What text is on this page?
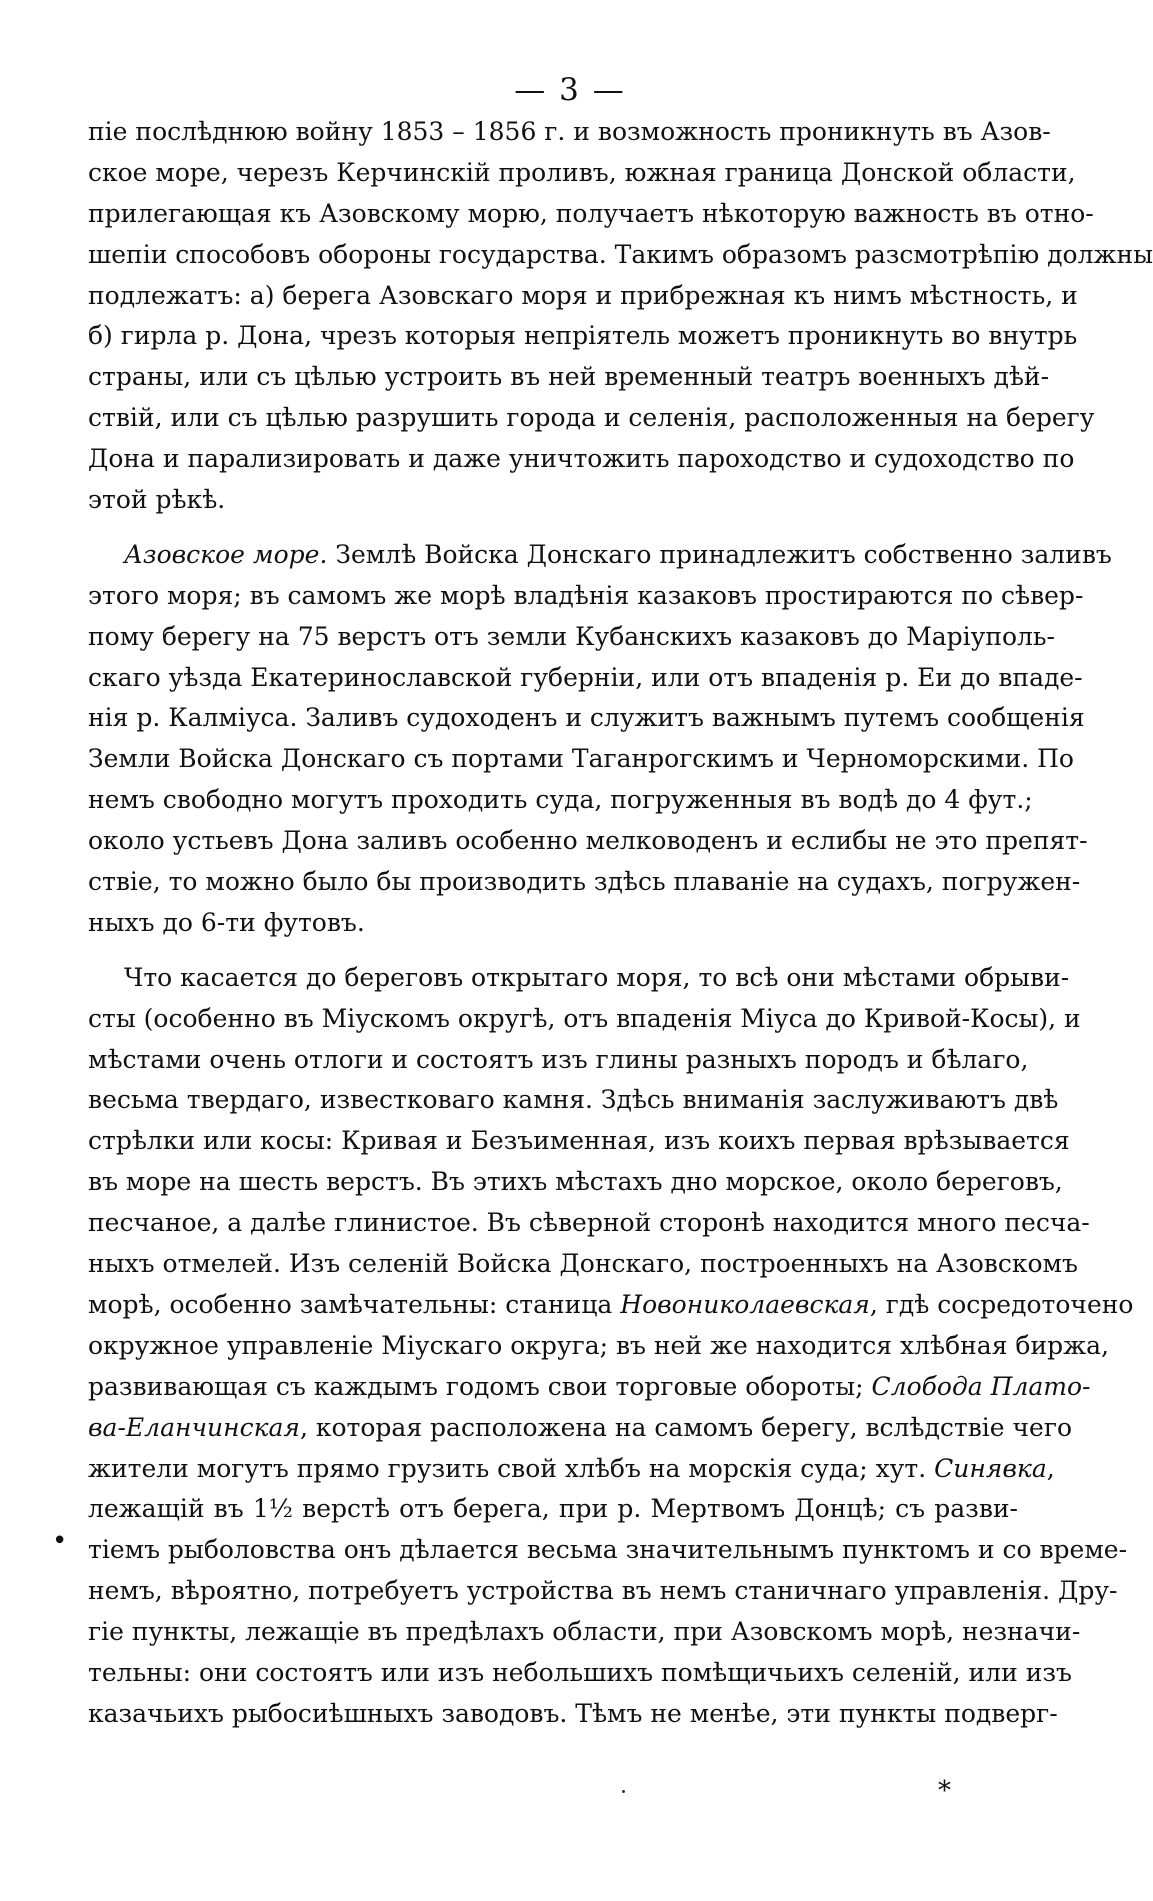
— 3 —
піе послѣднюю войну 1853 – 1856 г. и возможность проникнуть въ Азов-
ское море, черезъ Керчинскій проливъ, южная граница Донской области,
прилегающая къ Азовскому морю, получаетъ нѣкоторую важность въ отно-
шепіи способовъ обороны государства. Такимъ образомъ разсмотрѣпію должны
подлежатъ: а) берега Азовскаго моря и прибрежная къ нимъ мѣстность, и
б) гирла р. Дона, чрезъ которыя непріятель можетъ проникнуть во внутрь
страны, или съ цѣлью устроить въ ней временный театръ военныхъ дѣй-
ствій, или съ цѣлью разрушить города и селенія, расположенныя на берегу
Дона и парализировать и даже уничтожить пароходство и судоходство по
этой рѣкѣ.
Азовское море. Землѣ Войска Донскаго принадлежитъ собственно заливъ
этого моря; въ самомъ же морѣ владѣнія казаковъ простираются по сѣвер-
пому берегу на 75 верстъ отъ земли Кубанскихъ казаковъ до Маріуполь-
скаго уѣзда Екатеринославской губерніи, или отъ впаденія р. Еи до впаде-
нія р. Калміуса. Заливъ судоходенъ и служитъ важнымъ путемъ сообщенія
Земли Войска Донскаго съ портами Таганрогскимъ и Черноморскими. По
немъ свободно могутъ проходить суда, погруженныя въ водѣ до 4 фут.;
около устьевъ Дона заливъ особенно мелководенъ и еслибы не это препят-
ствіе, то можно было бы производить здѣсь плаваніе на судахъ, погружен-
ныхъ до 6-ти футовъ.
Что касается до береговъ открытаго моря, то всѣ они мѣстами обрыви-
сты (особенно въ Міускомъ округѣ, отъ впаденія Міуса до Кривой-Косы), и
мѣстами очень отлоги и состоятъ изъ глины разныхъ породъ и бѣлаго,
весьма твердаго, известковаго камня. Здѣсь вниманія заслуживаютъ двѣ
стрѣлки или косы: Кривая и Безъименная, изъ коихъ первая врѣзывается
въ море на шесть верстъ. Въ этихъ мѣстахъ дно морское, около береговъ,
песчаное, а далѣе глинистое. Въ сѣверной сторонѣ находится много песча-
ныхъ отмелей. Изъ селеній Войска Донскаго, построенныхъ на Азовскомъ
морѣ, особенно замѣчательны: станица Новониколаевская, гдѣ сосредоточено
окружное управленіе Міускаго округа; въ ней же находится хлѣбная биржа,
развивающая съ каждымъ годомъ свои торговые обороты; Слобода Плато-
ва-Еланчинская, которая расположена на самомъ берегу, вслѣдствіе чего
жители могутъ прямо грузить свой хлѣбъ на морскія суда; хут. Синявка,
лежащій въ 1½ верстѣ отъ берега, при р. Мертвомъ Донцѣ; съ разви-
тіемъ рыболовства онъ дѣлается весьма значительнымъ пунктомъ и со време-
немъ, вѣроятно, потребуетъ устройства въ немъ станичнаго управленія. Дру-
гіе пункты, лежащіе въ предѣлахъ области, при Азовскомъ морѣ, незначи-
тельны: они состоятъ или изъ небольшихъ помѣщичьихъ селеній, или изъ
казачьихъ рыбосиѣшныхъ заводовъ. Тѣмъ не менѣе, эти пункты подверг-
•
*
